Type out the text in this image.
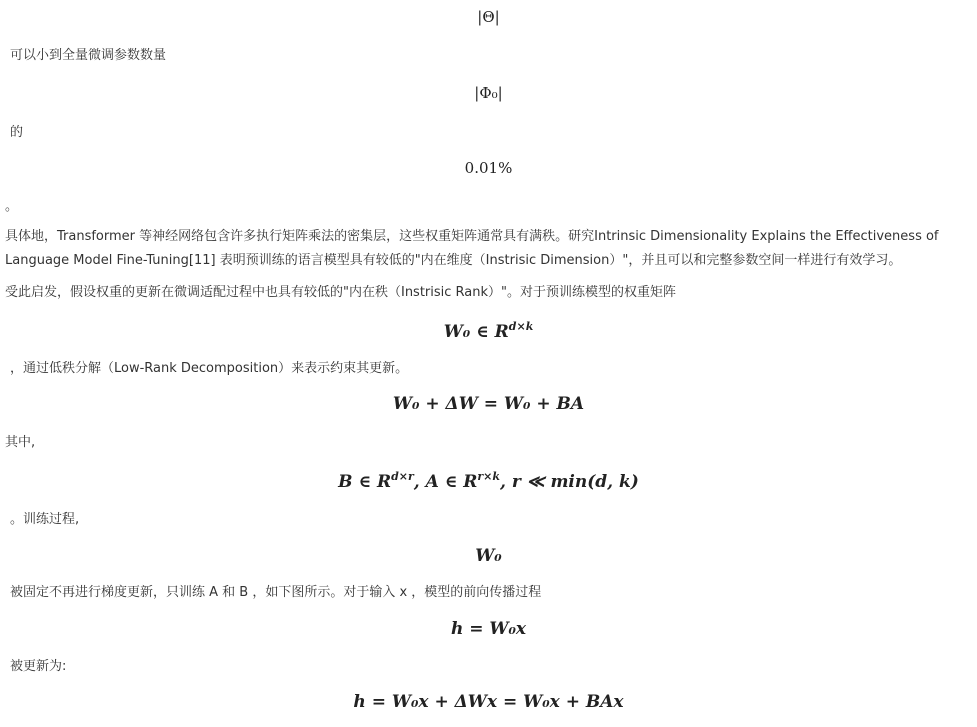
|Θ|
可以小到全量微调参数数量
|Φ₀|
的
0.01%
。
具体地，Transformer 等神经网络包含许多执行矩阵乘法的密集层，这些权重矩阵通常具有满秩。研究Intrinsic Dimensionality Explains the Effectiveness of
Language Model Fine-Tuning[11] 表明预训练的语言模型具有较低的"内在维度（Instrisic Dimension）"，并且可以和完整参数空间一样进行有效学习。
受此启发，假设权重的更新在微调适配过程中也具有较低的"内在秩（Instrisic Rank）"。对于预训练模型的权重矩阵
W₀ ∈ $R^{d\times k}$
，通过低秩分解（Low-Rank Decomposition）来表示约束其更新。
W₀ + ΔW = W₀ + BA
其中,
B ∈ $R^{d\times r}$, A ∈ $R^{r\times k}$, r ≪ min(d, k)
。训练过程,
W₀
被固定不再进行梯度更新，只训练 A 和 B ，如下图所示。对于输入 x ，模型的前向传播过程
h = W₀x
被更新为:
h = W₀x + ΔWx = W₀x + BAx
